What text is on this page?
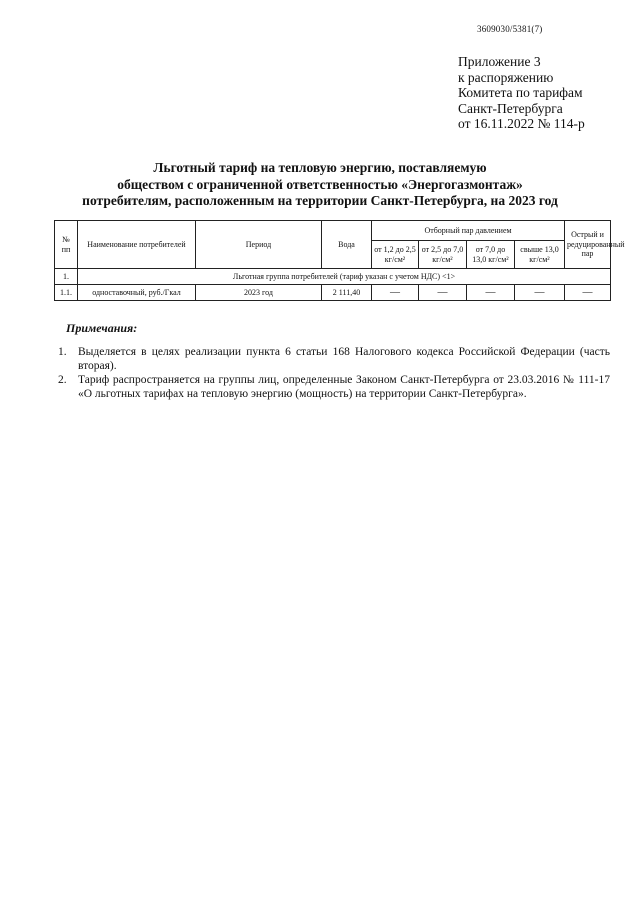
3609030/5381(7)
Приложение 3
к распоряжению
Комитета по тарифам
Санкт-Петербурга
от 16.11.2022 № 114-р
Льготный тариф на тепловую энергию, поставляемую
обществом с ограниченной ответственностью «Энергогазмонтаж»
потребителям, расположенным на территории Санкт-Петербурга, на 2023 год
№ пп	Наименование потребителей	Период	Вода	Отборный пар давлением				Острый и редуцированный пар
				от 1,2 до 2,5 кг/см²	от 2,5 до 7,0 кг/см²	от 7,0 до 13,0 кг/см²	свыше 13,0 кг/см²	
1.	Льготная группа потребителей (тариф указан с учетом НДС) <1>							
1.1.	одноставочный, руб./Гкал	2023 год	2 111,40	—	—	—	—	—
Примечания:
1. Выделяется в целях реализации пункта 6 статьи 168 Налогового кодекса Российской Федерации (часть вторая).
2. Тариф распространяется на группы лиц, определенные Законом Санкт-Петербурга от 23.03.2016 № 111-17 «О льготных тарифах на тепловую энергию (мощность) на территории Санкт-Петербурга».
